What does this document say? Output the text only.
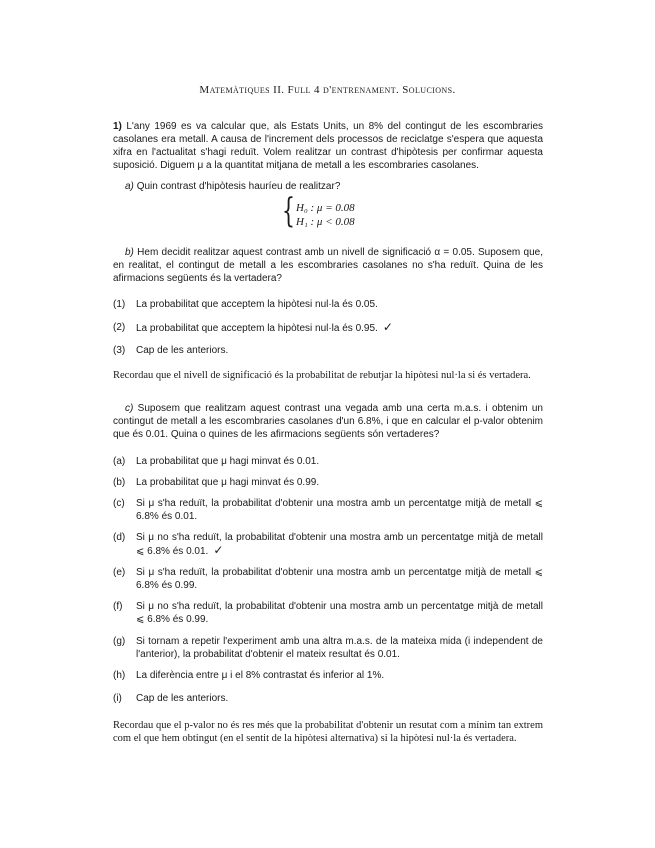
Matemàtiques II. Full 4 d'entrenament. Solucions.

1) L'any 1969 es va calcular que, als Estats Units, un 8% del contingut de les escombraries casolanes era metall. A causa de l'increment dels processos de reciclatge s'espera que aquesta xifra en l'actualitat s'hagi reduït. Volem realitzar un contrast d'hipòtesis per confirmar aquesta suposició. Diguem μ a la quantitat mitjana de metall a les escombraries casolanes.

a) Quin contrast d'hipòtesis hauríeu de realitzar?

{ H₀ : μ = 0.08
H₁ : μ < 0.08

b) Hem decidit realitzar aquest contrast amb un nivell de significació α = 0.05. Suposem que, en realitat, el contingut de metall a les escombraries casolanes no s'ha reduït. Quina de les afirmacions següents és la vertadera?

(1)	La probabilitat que acceptem la hipòtesi nul·la és 0.05.
(2)	La probabilitat que acceptem la hipòtesi nul·la és 0.95. ✓
(3)	Cap de les anteriors.

Recordau que el nivell de significació és la probabilitat de rebutjar la hipòtesi nul·la si és vertadera.

c) Suposem que realitzam aquest contrast una vegada amb una certa m.a.s. i obtenim un contingut de metall a les escombraries casolanes d'un 6.8%, i que en calcular el p-valor obtenim que és 0.01. Quina o quines de les afirmacions següents són vertaderes?

(a)	La probabilitat que μ hagi minvat és 0.01.
(b)	La probabilitat que μ hagi minvat és 0.99.
(c)	Si μ s'ha reduït, la probabilitat d'obtenir una mostra amb un percentatge mitjà de metall ⩽ 6.8% és 0.01.
(d)	Si μ no s'ha reduït, la probabilitat d'obtenir una mostra amb un percentatge mitjà de metall ⩽ 6.8% és 0.01. ✓
(e)	Si μ s'ha reduït, la probabilitat d'obtenir una mostra amb un percentatge mitjà de metall ⩽ 6.8% és 0.99.
(f)	Si μ no s'ha reduït, la probabilitat d'obtenir una mostra amb un percentatge mitjà de metall ⩽ 6.8% és 0.99.
(g)	Si tornam a repetir l'experiment amb una altra m.a.s. de la mateixa mida (i independent de l'anterior), la probabilitat d'obtenir el mateix resultat és 0.01.
(h)	La diferència entre μ i el 8% contrastat és inferior al 1%.
(i)	Cap de les anteriors.

Recordau que el p-valor no és res més que la probabilitat d'obtenir un resutat com a mínim tan extrem com el que hem obtingut (en el sentit de la hipòtesi alternativa) si la hipòtesi nul·la és vertadera.
